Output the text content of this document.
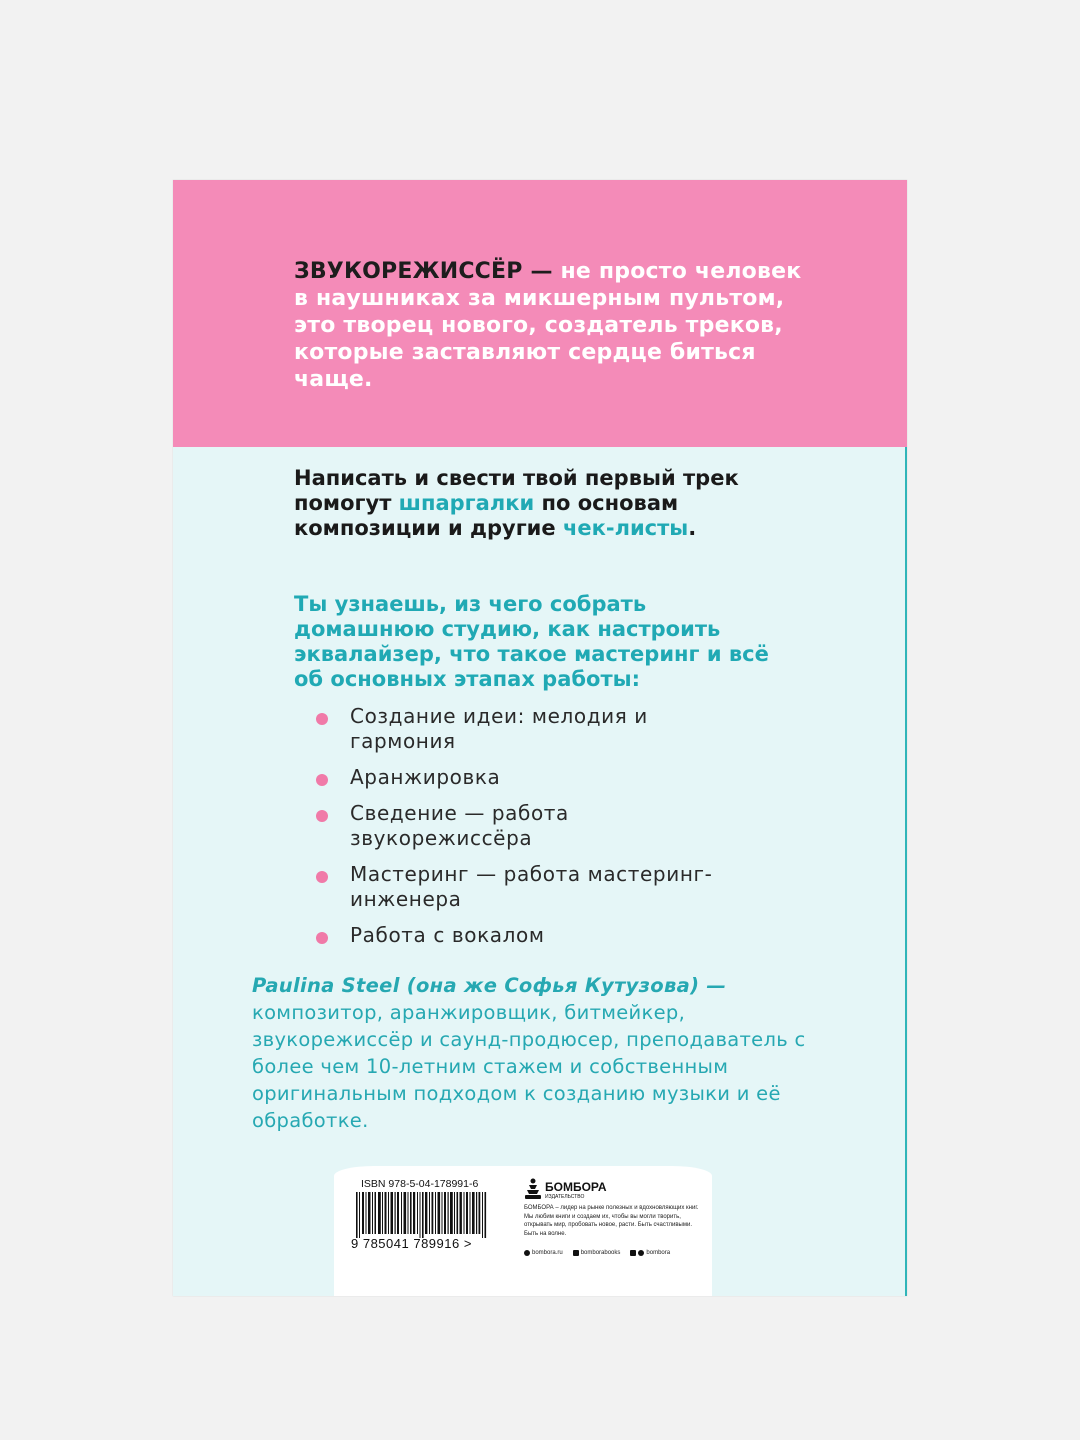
ЗВУКОРЕЖИССЁР — не просто человек в наушниках за микшерным пультом, это творец нового, создатель треков, которые заставляют сердце биться чаще.

Написать и свести твой первый трек помогут шпаргалки по основам композиции и другие чек-листы.

Ты узнаешь, из чего собрать домашнюю студию, как настроить эквалайзер, что такое мастеринг и всё об основных этапах работы:

Создание идеи: мелодия и гармония
Аранжировка
Сведение — работа звукорежиссёра
Мастеринг — работа мастеринг-инженера
Работа с вокалом

Paulina Steel (она же Софья Кутузова) — композитор, аранжировщик, битмейкер, звукорежиссёр и саунд-продюсер, преподаватель с более чем 10-летним стажем и собственным оригинальным подходом к созданию музыки и её обработке.

ISBN 978-5-04-178991-6
9 785041 789916 >
БОМБОРА
ИЗДАТЕЛЬСТВО

БОМБОРА – лидер на рынке полезных и вдохновляющих книг. Мы любим книги и создаем их, чтобы вы могли творить, открывать мир, пробовать новое, расти. Быть счастливыми. Быть на волне.

bombora.ru	bomborabooks	bombora
